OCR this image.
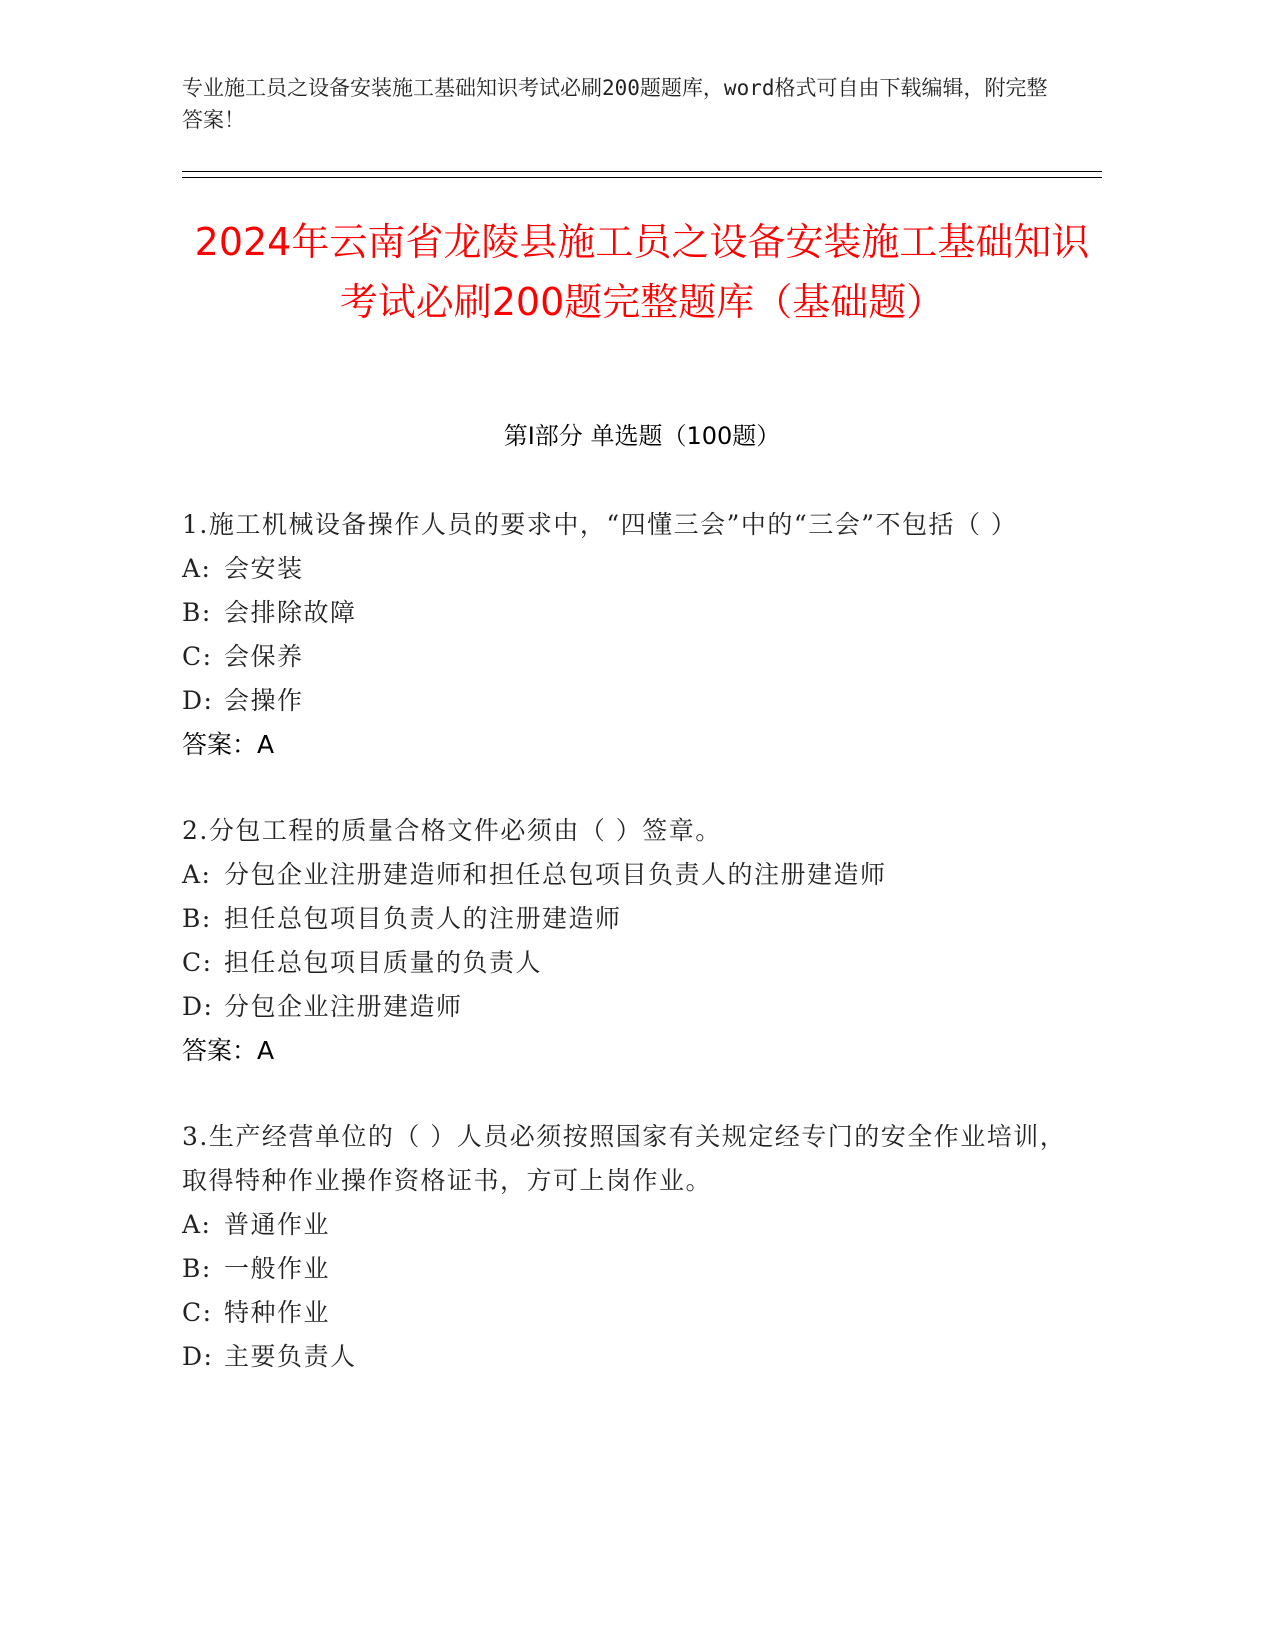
专业施工员之设备安装施工基础知识考试必刷200题题库，word格式可自由下载编辑，附完整答案！
2024年云南省龙陵县施工员之设备安装施工基础知识考试必刷200题完整题库（基础题）
第I部分 单选题（100题）

1.施工机械设备操作人员的要求中，“四懂三会”中的“三会”不包括（ ）

A: 会安装
B: 会排除故障
C: 会保养
D: 会操作
答案：A

2.分包工程的质量合格文件必须由（ ）签章。

A: 分包企业注册建造师和担任总包项目负责人的注册建造师
B: 担任总包项目负责人的注册建造师
C: 担任总包项目质量的负责人
D: 分包企业注册建造师
答案：A

3.生产经营单位的（ ）人员必须按照国家有关规定经专门的安全作业培训，取得特种作业操作资格证书，方可上岗作业。

A: 普通作业
B: 一般作业
C: 特种作业
D: 主要负责人
